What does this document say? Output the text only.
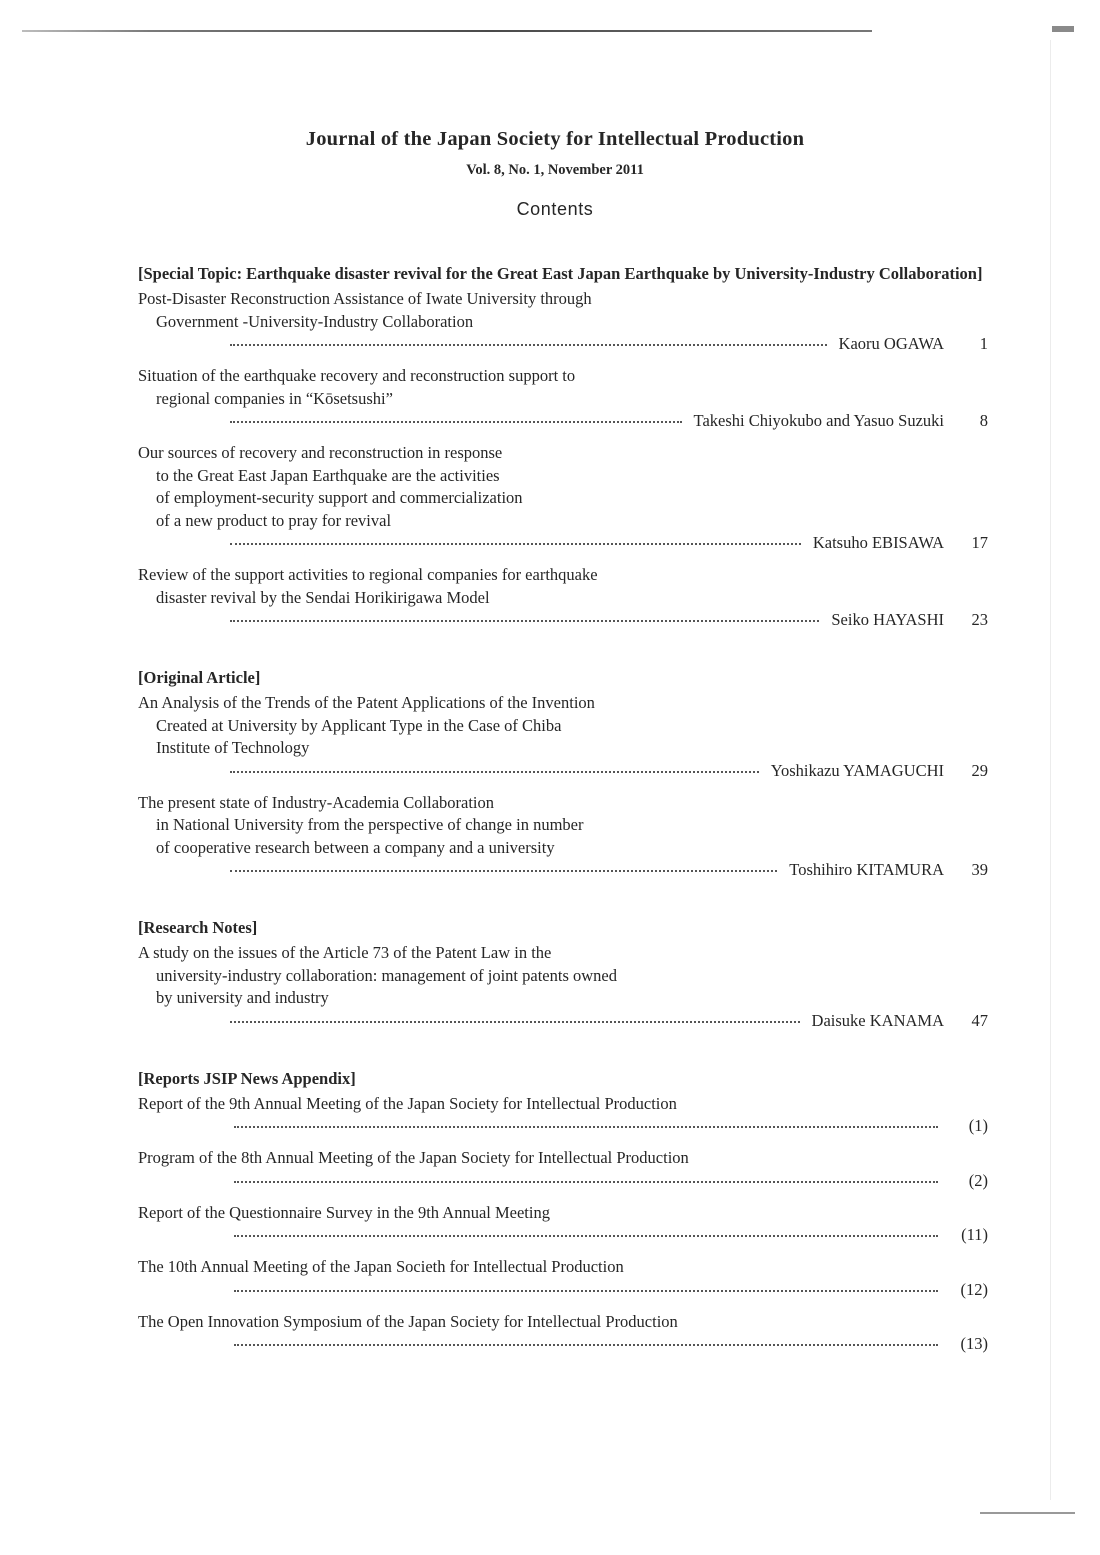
Journal of the Japan Society for Intellectual Production
Vol. 8, No. 1, November 2011
Contents
[Special Topic: Earthquake disaster revival for the Great East Japan Earthquake by University-Industry Collaboration]
Post-Disaster Reconstruction Assistance of Iwate University through
Government -University-Industry Collaboration
Kaoru OGAWA	1
Situation of the earthquake recovery and reconstruction support to
regional companies in “Kōsetsushi”
Takeshi Chiyokubo and Yasuo Suzuki	8
Our sources of recovery and reconstruction in response
to the Great East Japan Earthquake are the activities
of employment-security support and commercialization
of a new product to pray for revival
Katsuho EBISAWA	17
Review of the support activities to regional companies for earthquake
disaster revival by the Sendai Horikirigawa Model
Seiko HAYASHI	23
[Original Article]
An Analysis of the Trends of the Patent Applications of the Invention
Created at University by Applicant Type in the Case of Chiba
Institute of Technology
Yoshikazu YAMAGUCHI	29
The present state of Industry-Academia Collaboration
in National University from the perspective of change in number
of cooperative research between a company and a university
Toshihiro KITAMURA	39
[Research Notes]
A study on the issues of the Article 73 of the Patent Law in the
university-industry collaboration: management of joint patents owned
by university and industry
Daisuke KANAMA	47
[Reports JSIP News Appendix]
Report of the 9th Annual Meeting of the Japan Society for Intellectual Production
(1)
Program of the 8th Annual Meeting of the Japan Society for Intellectual Production
(2)
Report of the Questionnaire Survey in the 9th Annual Meeting
(11)
The 10th Annual Meeting of the Japan Societh for Intellectual Production
(12)
The Open Innovation Symposium of the Japan Society for Intellectual Production
(13)
